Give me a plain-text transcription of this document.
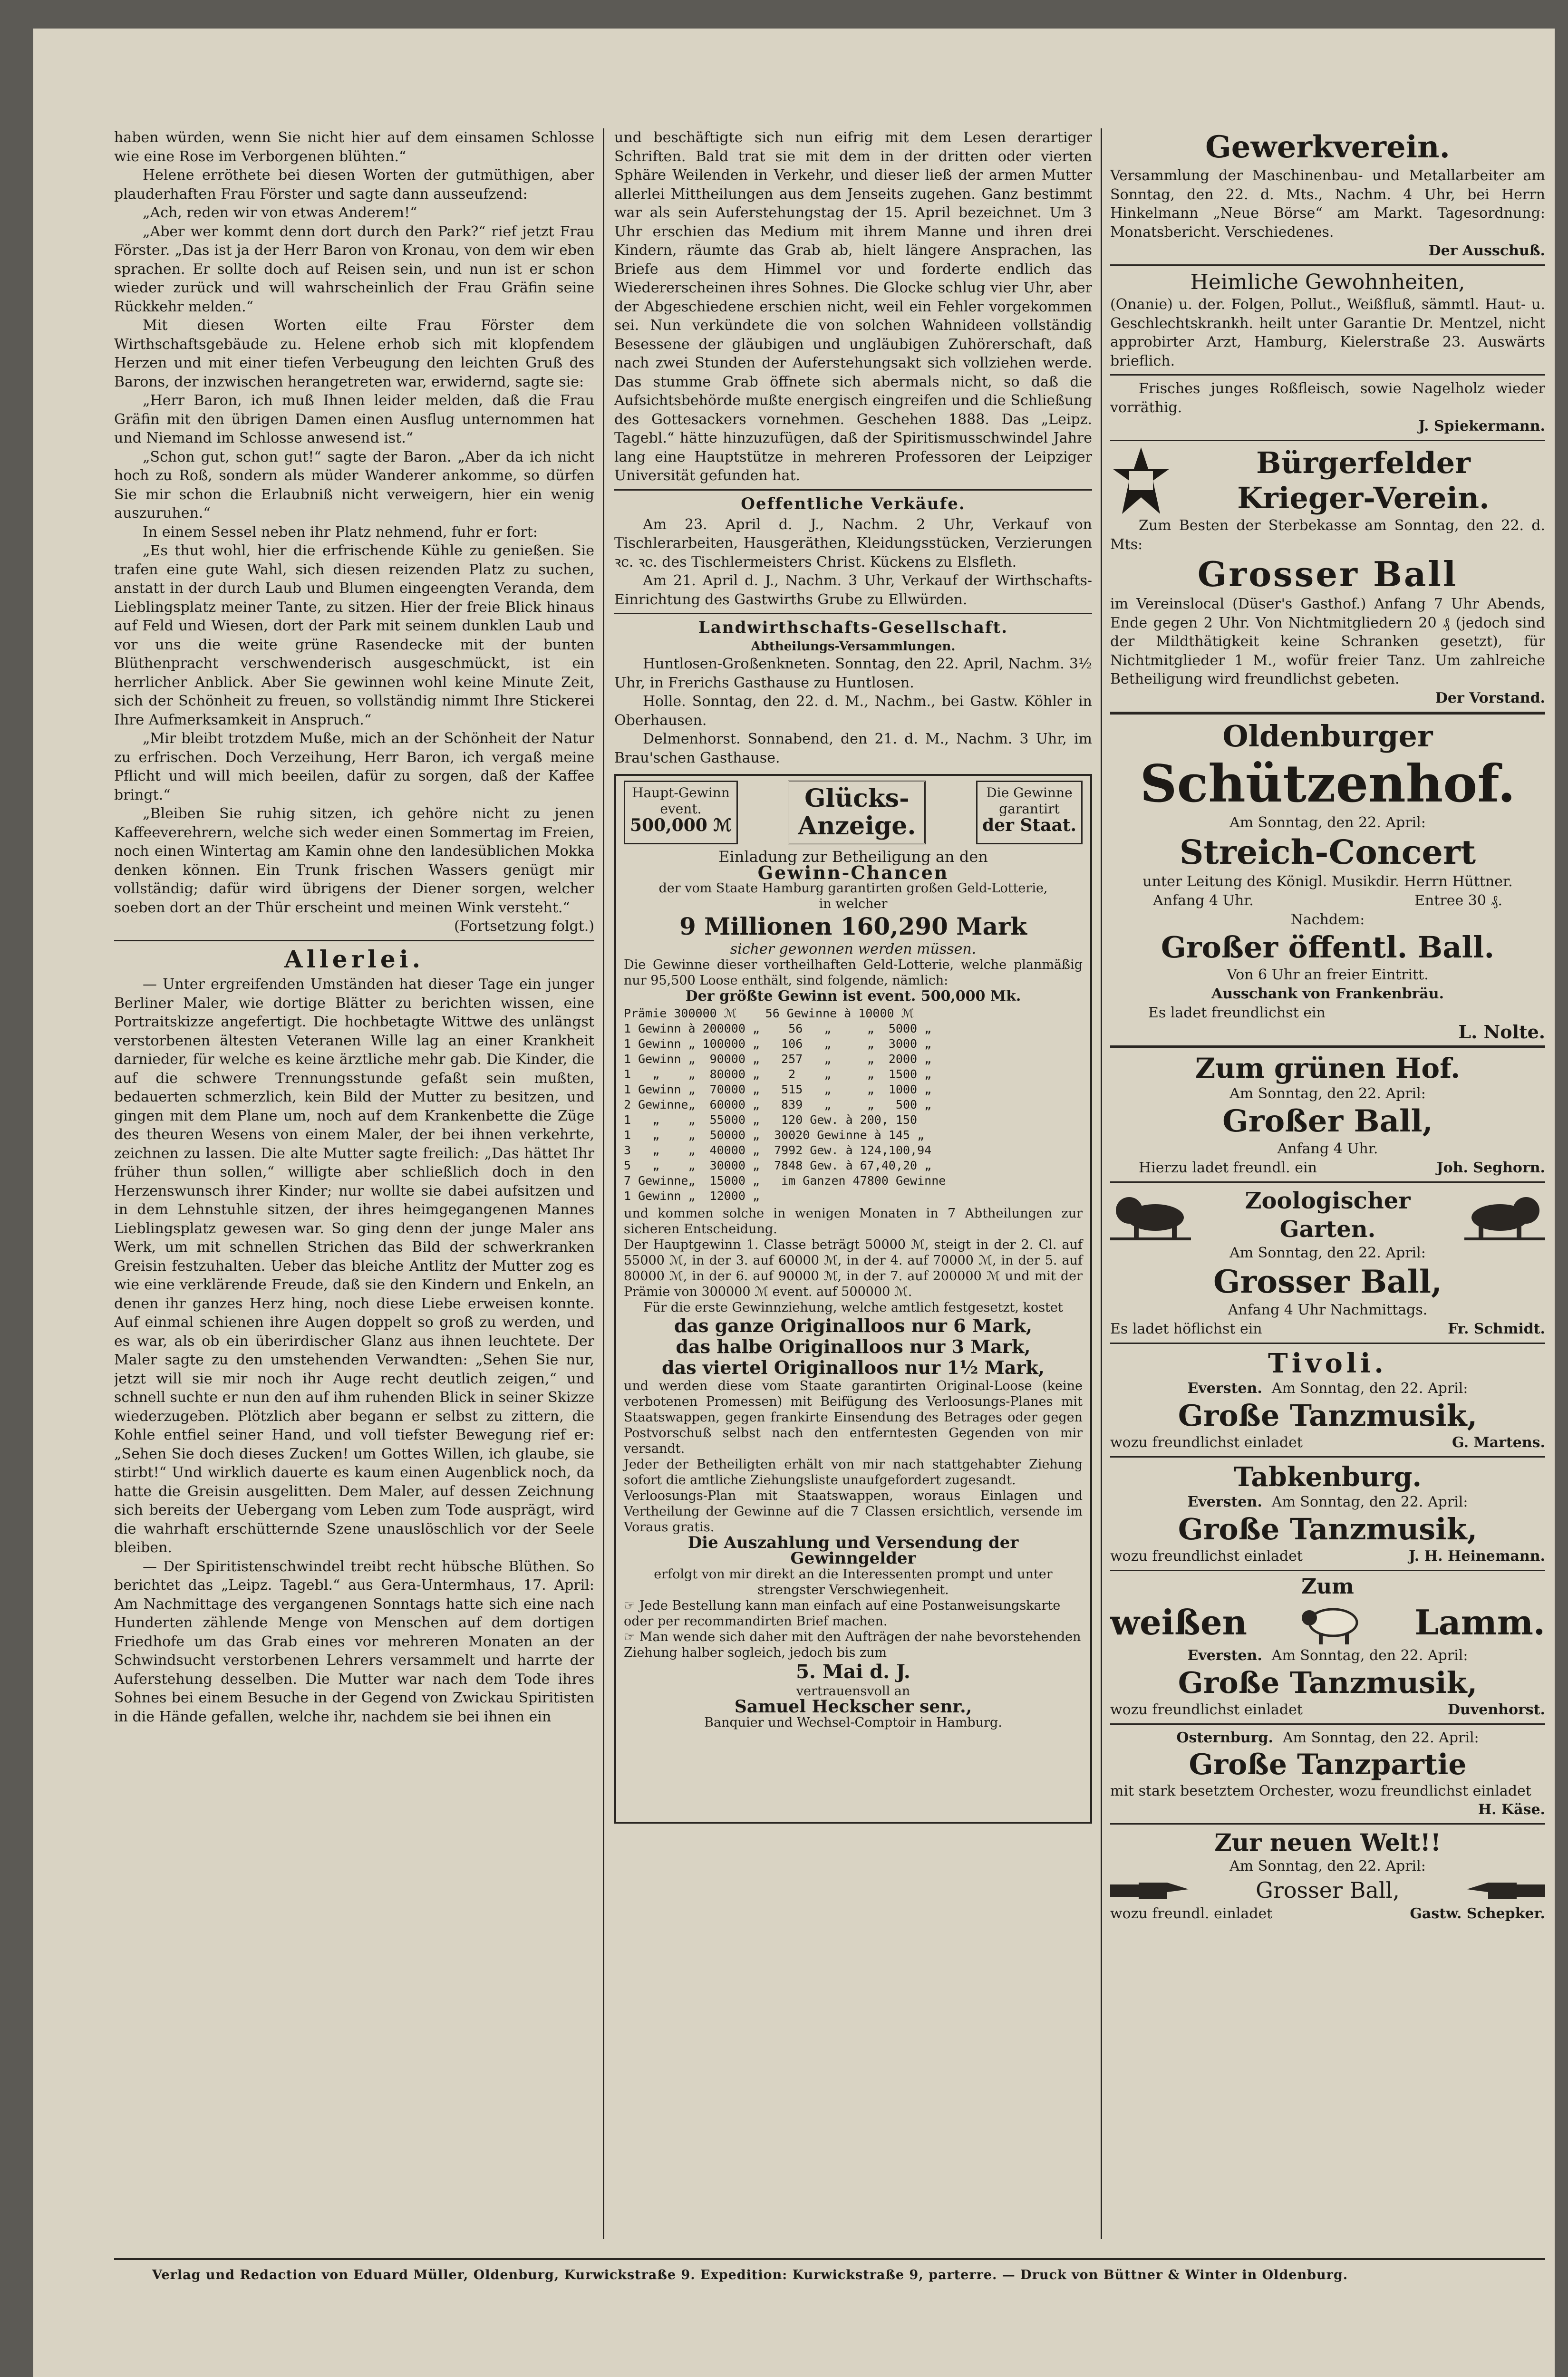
haben würden, wenn Sie nicht hier auf dem einsamen Schlosse wie eine Rose im Verborgenen blühten.“

Helene erröthete bei diesen Worten der gutmüthigen, aber plauderhaften Frau Förster und sagte dann ausseufzend:

„Ach, reden wir von etwas Anderem!“

„Aber wer kommt denn dort durch den Park?“ rief jetzt Frau Förster. „Das ist ja der Herr Baron von Kronau, von dem wir eben sprachen. Er sollte doch auf Reisen sein, und nun ist er schon wieder zurück und will wahrscheinlich der Frau Gräfin seine Rückkehr melden.“

Mit diesen Worten eilte Frau Förster dem Wirthschaftsgebäude zu. Helene erhob sich mit klopfendem Herzen und mit einer tiefen Verbeugung den leichten Gruß des Barons, der inzwischen herangetreten war, erwidernd, sagte sie:

„Herr Baron, ich muß Ihnen leider melden, daß die Frau Gräfin mit den übrigen Damen einen Ausflug unternommen hat und Niemand im Schlosse anwesend ist.“

„Schon gut, schon gut!“ sagte der Baron. „Aber da ich nicht hoch zu Roß, sondern als müder Wanderer ankomme, so dürfen Sie mir schon die Erlaubniß nicht verweigern, hier ein wenig auszuruhen.“

In einem Sessel neben ihr Platz nehmend, fuhr er fort:

„Es thut wohl, hier die erfrischende Kühle zu genießen. Sie trafen eine gute Wahl, sich diesen reizenden Platz zu suchen, anstatt in der durch Laub und Blumen eingeengten Veranda, dem Lieblingsplatz meiner Tante, zu sitzen. Hier der freie Blick hinaus auf Feld und Wiesen, dort der Park mit seinem dunklen Laub und vor uns die weite grüne Rasendecke mit der bunten Blüthenpracht verschwenderisch ausgeschmückt, ist ein herrlicher Anblick. Aber Sie gewinnen wohl keine Minute Zeit, sich der Schönheit zu freuen, so vollständig nimmt Ihre Stickerei Ihre Aufmerksamkeit in Anspruch.“

„Mir bleibt trotzdem Muße, mich an der Schönheit der Natur zu erfrischen. Doch Verzeihung, Herr Baron, ich vergaß meine Pflicht und will mich beeilen, dafür zu sorgen, daß der Kaffee bringt.“

„Bleiben Sie ruhig sitzen, ich gehöre nicht zu jenen Kaffeeverehrern, welche sich weder einen Sommertag im Freien, noch einen Wintertag am Kamin ohne den landesüblichen Mokka denken können. Ein Trunk frischen Wassers genügt mir vollständig; dafür wird übrigens der Diener sorgen, welcher soeben dort an der Thür erscheint und meinen Wink versteht.“

(Fortsetzung folgt.)

Allerlei.

— Unter ergreifenden Umständen hat dieser Tage ein junger Berliner Maler, wie dortige Blätter zu berichten wissen, eine Portraitskizze angefertigt. Die hochbetagte Wittwe des unlängst verstorbenen ältesten Veteranen Wille lag an einer Krankheit darnieder, für welche es keine ärztliche mehr gab. Die Kinder, die auf die schwere Trennungsstunde gefaßt sein mußten, bedauerten schmerzlich, kein Bild der Mutter zu besitzen, und gingen mit dem Plane um, noch auf dem Krankenbette die Züge des theuren Wesens von einem Maler, der bei ihnen verkehrte, zeichnen zu lassen. Die alte Mutter sagte freilich: „Das hättet Ihr früher thun sollen,“ willigte aber schließlich doch in den Herzenswunsch ihrer Kinder; nur wollte sie dabei aufsitzen und in dem Lehnstuhle sitzen, der ihres heimgegangenen Mannes Lieblingsplatz gewesen war. So ging denn der junge Maler ans Werk, um mit schnellen Strichen das Bild der schwerkranken Greisin festzuhalten. Ueber das bleiche Antlitz der Mutter zog es wie eine verklärende Freude, daß sie den Kindern und Enkeln, an denen ihr ganzes Herz hing, noch diese Liebe erweisen konnte. Auf einmal schienen ihre Augen doppelt so groß zu werden, und es war, als ob ein überirdischer Glanz aus ihnen leuchtete. Der Maler sagte zu den umstehenden Verwandten: „Sehen Sie nur, jetzt will sie mir noch ihr Auge recht deutlich zeigen,“ und schnell suchte er nun den auf ihm ruhenden Blick in seiner Skizze wiederzugeben. Plötzlich aber begann er selbst zu zittern, die Kohle entfiel seiner Hand, und voll tiefster Bewegung rief er: „Sehen Sie doch dieses Zucken! um Gottes Willen, ich glaube, sie stirbt!“ Und wirklich dauerte es kaum einen Augenblick noch, da hatte die Greisin ausgelitten. Dem Maler, auf dessen Zeichnung sich bereits der Uebergang vom Leben zum Tode ausprägt, wird die wahrhaft erschütternde Szene unauslöschlich vor der Seele bleiben.

— Der Spiritistenschwindel treibt recht hübsche Blüthen. So berichtet das „Leipz. Tagebl.“ aus Gera-Untermhaus, 17. April: Am Nachmittage des vergangenen Sonntags hatte sich eine nach Hunderten zählende Menge von Menschen auf dem dortigen Friedhofe um das Grab eines vor mehreren Monaten an der Schwindsucht verstorbenen Lehrers versammelt und harrte der Auferstehung desselben. Die Mutter war nach dem Tode ihres Sohnes bei einem Besuche in der Gegend von Zwickau Spiritisten in die Hände gefallen, welche ihr, nachdem sie bei ihnen ein

und beschäftigte sich nun eifrig mit dem Lesen derartiger Schriften. Bald trat sie mit dem in der dritten oder vierten Sphäre Weilenden in Verkehr, und dieser ließ der armen Mutter allerlei Mittheilungen aus dem Jenseits zugehen. Ganz bestimmt war als sein Auferstehungstag der 15. April bezeichnet. Um 3 Uhr erschien das Medium mit ihrem Manne und ihren drei Kindern, räumte das Grab ab, hielt längere Ansprachen, las Briefe aus dem Himmel vor und forderte endlich das Wiedererscheinen ihres Sohnes. Die Glocke schlug vier Uhr, aber der Abgeschiedene erschien nicht, weil ein Fehler vorgekommen sei. Nun verkündete die von solchen Wahnideen vollständig Besessene der gläubigen und ungläubigen Zuhörerschaft, daß nach zwei Stunden der Auferstehungsakt sich vollziehen werde. Das stumme Grab öffnete sich abermals nicht, so daß die Aufsichtsbehörde mußte energisch eingreifen und die Schließung des Gottesackers vornehmen. Geschehen 1888. Das „Leipz. Tagebl.“ hätte hinzuzufügen, daß der Spiritismusschwindel Jahre lang eine Hauptstütze in mehreren Professoren der Leipziger Universität gefunden hat.

Oeffentliche Verkäufe.

Am 23. April d. J., Nachm. 2 Uhr, Verkauf von Tischlerarbeiten, Hausgeräthen, Kleidungsstücken, Verzierungen ꝛc. ꝛc. des Tischlermeisters Christ. Kückens zu Elsfleth.

Am 21. April d. J., Nachm. 3 Uhr, Verkauf der Wirthschafts-Einrichtung des Gastwirths Grube zu Ellwürden.

Landwirthschafts-Gesellschaft.
Abtheilungs-Versammlungen.

Huntlosen-Großenkneten. Sonntag, den 22. April, Nachm. 3½ Uhr, in Frerichs Gasthause zu Huntlosen.

Holle. Sonntag, den 22. d. M., Nachm., bei Gastw. Köhler in Oberhausen.

Delmenhorst. Sonnabend, den 21. d. M., Nachm. 3 Uhr, im Brau'schen Gasthause.

Haupt-Gewinn
event.
500,000 ℳ
Glücks-
Anzeige.
Die Gewinne
garantirt
der Staat.

Einladung zur Betheiligung an den

Gewinn-Chancen

der vom Staate Hamburg garantirten großen Geld-Lotterie,

in welcher

9 Millionen 160,290 Mark

sicher gewonnen werden müssen.

Die Gewinne dieser vortheilhaften Geld-Lotterie, welche planmäßig nur 95,500 Loose enthält, sind folgende, nämlich:

Der größte Gewinn ist event. 500,000 Mk.

Prämie 300000 ℳ    56 Gewinne à 10000 ℳ
1 Gewinn à 200000 „    56   „     „  5000 „
1 Gewinn „ 100000 „   106   „     „  3000 „
1 Gewinn „  90000 „   257   „     „  2000 „
1   „    „  80000 „    2    „     „  1500 „
1 Gewinn „  70000 „   515   „     „  1000 „
2 Gewinne„  60000 „   839   „     „   500 „
1   „    „  55000 „   120 Gew. à 200, 150
1   „    „  50000 „  30020 Gewinne à 145 „
3   „    „  40000 „  7992 Gew. à 124,100,94
5   „    „  30000 „  7848 Gew. à 67,40,20 „
7 Gewinne„  15000 „   im Ganzen 47800 Gewinne
1 Gewinn „  12000 „

und kommen solche in wenigen Monaten in 7 Abtheilungen zur sicheren Entscheidung.

Der Hauptgewinn 1. Classe beträgt 50000 ℳ, steigt in der 2. Cl. auf 55000 ℳ, in der 3. auf 60000 ℳ, in der 4. auf 70000 ℳ, in der 5. auf 80000 ℳ, in der 6. auf 90000 ℳ, in der 7. auf 200000 ℳ und mit der Prämie von 300000 ℳ event. auf 500000 ℳ.

Für die erste Gewinnziehung, welche amtlich festgesetzt, kostet

das ganze Originalloos nur 6 Mark,

das halbe Originalloos nur 3 Mark,

das viertel Originalloos nur 1½ Mark,

und werden diese vom Staate garantirten Original-Loose (keine verbotenen Promessen) mit Beifügung des Verloosungs-Planes mit Staatswappen, gegen frankirte Einsendung des Betrages oder gegen Postvorschuß selbst nach den entferntesten Gegenden von mir versandt.

Jeder der Betheiligten erhält von mir nach stattgehabter Ziehung sofort die amtliche Ziehungsliste unaufgefordert zugesandt.

Verloosungs-Plan mit Staatswappen, woraus Einlagen und Vertheilung der Gewinne auf die 7 Classen ersichtlich, versende im Voraus gratis.

Die Auszahlung und Versendung der

Gewinngelder

erfolgt von mir direkt an die Interessenten prompt und unter strengster Verschwiegenheit.

☞ Jede Bestellung kann man einfach auf eine Postanweisungskarte oder per recommandirten Brief machen.

☞ Man wende sich daher mit den Aufträgen der nahe bevorstehenden Ziehung halber sogleich, jedoch bis zum

5. Mai d. J.

vertrauensvoll an

Samuel Heckscher senr.,

Banquier und Wechsel-Comptoir in Hamburg.

Gewerkverein.

Versammlung der Maschinenbau- und Metallarbeiter am Sonntag, den 22. d. Mts., Nachm. 4 Uhr, bei Herrn Hinkelmann „Neue Börse“ am Markt. Tagesordnung: Monatsbericht. Verschiedenes.

Der Ausschuß.

Heimliche Gewohnheiten,

(Onanie) u. der. Folgen, Pollut., Weißfluß, sämmtl. Haut- u. Geschlechtskrankh. heilt unter Garantie Dr. Mentzel, nicht approbirter Arzt, Hamburg, Kielerstraße 23. Auswärts brieflich.

Frisches junges Roßfleisch, sowie Nagelholz wieder vorräthig.

J. Spiekermann.

Bürgerfelder
Krieger-Verein.

Zum Besten der Sterbekasse am Sonntag, den 22. d. Mts:

Grosser Ball

im Vereinslocal (Düser's Gasthof.) Anfang 7 Uhr Abends, Ende gegen 2 Uhr. Von Nichtmitgliedern 20 ₰ (jedoch sind der Mildthätigkeit keine Schranken gesetzt), für Nichtmitglieder 1 M., wofür freier Tanz. Um zahlreiche Betheiligung wird freundlichst gebeten.

Der Vorstand.

Oldenburger
Schützenhof.

Am Sonntag, den 22. April:

Streich-Concert

unter Leitung des Königl. Musikdir. Herrn Hüttner.

Anfang 4 Uhr.	Entree 30 ₰.

Nachdem:

Großer öffentl. Ball.

Von 6 Uhr an freier Eintritt.

Ausschank von Frankenbräu.

Es ladet freundlichst ein

L. Nolte.

Zum grünen Hof.

Am Sonntag, den 22. April:

Großer Ball,

Anfang 4 Uhr.

Hierzu ladet freundl. ein	Joh. Seghorn.
Zoologischer
Garten.

Am Sonntag, den 22. April:

Grosser Ball,

Anfang 4 Uhr Nachmittags.

Es ladet höflichst ein	Fr. Schmidt.
Tivoli.
Eversten. Am Sonntag, den 22. April:
Große Tanzmusik,
wozu freundlichst einladet	G. Martens.
Tabkenburg.
Eversten. Am Sonntag, den 22. April:
Große Tanzmusik,
wozu freundlichst einladet	J. H. Heinemann.
Zum
weißen	Lamm.
Eversten. Am Sonntag, den 22. April:
Große Tanzmusik,
wozu freundlichst einladet	Duvenhorst.
Osternburg. Am Sonntag, den 22. April:
Große Tanzpartie

mit stark besetztem Orchester, wozu freundlichst einladet

H. Käse.

Zur neuen Welt!!

Am Sonntag, den 22. April:

Grosser Ball,
wozu freundl. einladet	Gastw. Schepker.
Verlag und Redaction von Eduard Müller, Oldenburg, Kurwickstraße 9. Expedition: Kurwickstraße 9, parterre. — Druck von Büttner & Winter in Oldenburg.
